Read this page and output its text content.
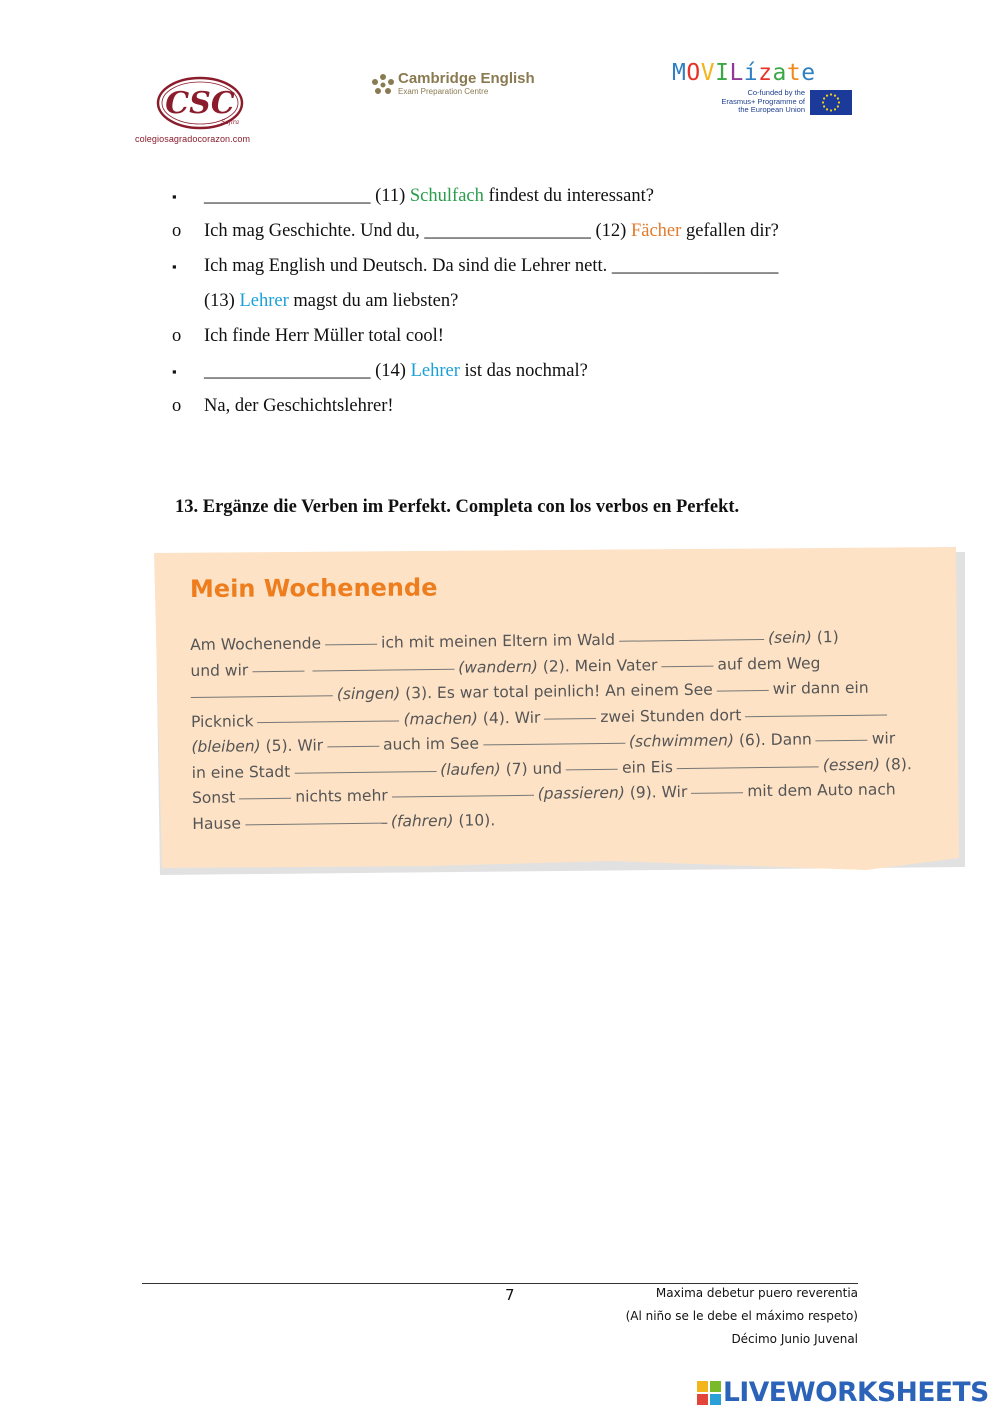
CSC
Safira
colegiosagradocorazon.com
Cambridge English
Exam Preparation Centre
MOVILízate
Co-funded by the Erasmus+ Programme of the European Union
▪ __________________ (11) Schulfach findest du interessant?
o Ich mag Geschichte. Und du, __________________ (12) Fächer gefallen dir?
▪ Ich mag English und Deutsch. Da sind die Lehrer nett. __________________
(13) Lehrer magst du am liebsten?
o Ich finde Herr Müller total cool!
▪ __________________ (14) Lehrer ist das nochmal?
o Na, der Geschichtslehrer!
13. Ergänze die Verben im Perfekt. Completa con los verbos en Perfekt.
Mein Wochenende
Am Wochenende	ich mit meinen Eltern im Wald	(sein) (1)
und wir	(wandern) (2). Mein Vater	auf dem Weg
(singen) (3). Es war total peinlich! An einem See	wir dann ein
Picknick	(machen) (4). Wir	zwei Stunden dort
(bleiben) (5). Wir	auch im See	(schwimmen) (6). Dann	wir
in eine Stadt	(laufen) (7) und	ein Eis	(essen) (8).
Sonst	nichts mehr	(passieren) (9). Wir	mit dem Auto nach
Hause	(fahren) (10).
7	Maxima debetur puero reverentia
(Al niño se le debe el máximo respeto)
Décimo Junio Juvenal
LIVEWORKSHEETS
